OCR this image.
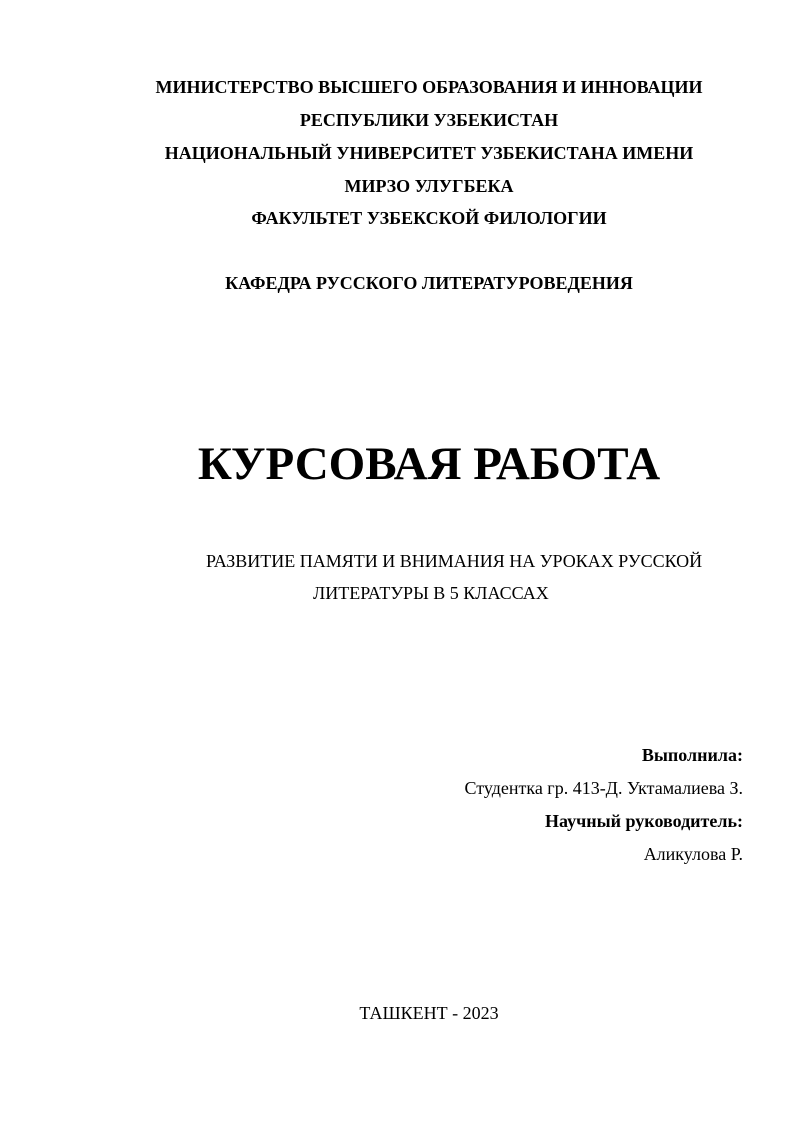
МИНИСТЕРСТВО ВЫСШЕГО ОБРАЗОВАНИЯ И ИННОВАЦИИ
РЕСПУБЛИКИ УЗБЕКИСТАН
НАЦИОНАЛЬНЫЙ УНИВЕРСИТЕТ УЗБЕКИСТАНА ИМЕНИ
МИРЗО УЛУГБЕКА
ФАКУЛЬТЕТ УЗБЕКСКОЙ ФИЛОЛОГИИ
КАФЕДРА РУССКОГО ЛИТЕРАТУРОВЕДЕНИЯ
КУРСОВАЯ РАБОТА
РАЗВИТИЕ ПАМЯТИ И ВНИМАНИЯ НА УРОКАХ РУССКОЙ
ЛИТЕРАТУРЫ В 5 КЛАССАХ
Выполнила:
Студентка гр. 413-Д. Уктамалиева З.
Научный руководитель:
Аликулова Р.
ТАШКЕНТ - 2023
